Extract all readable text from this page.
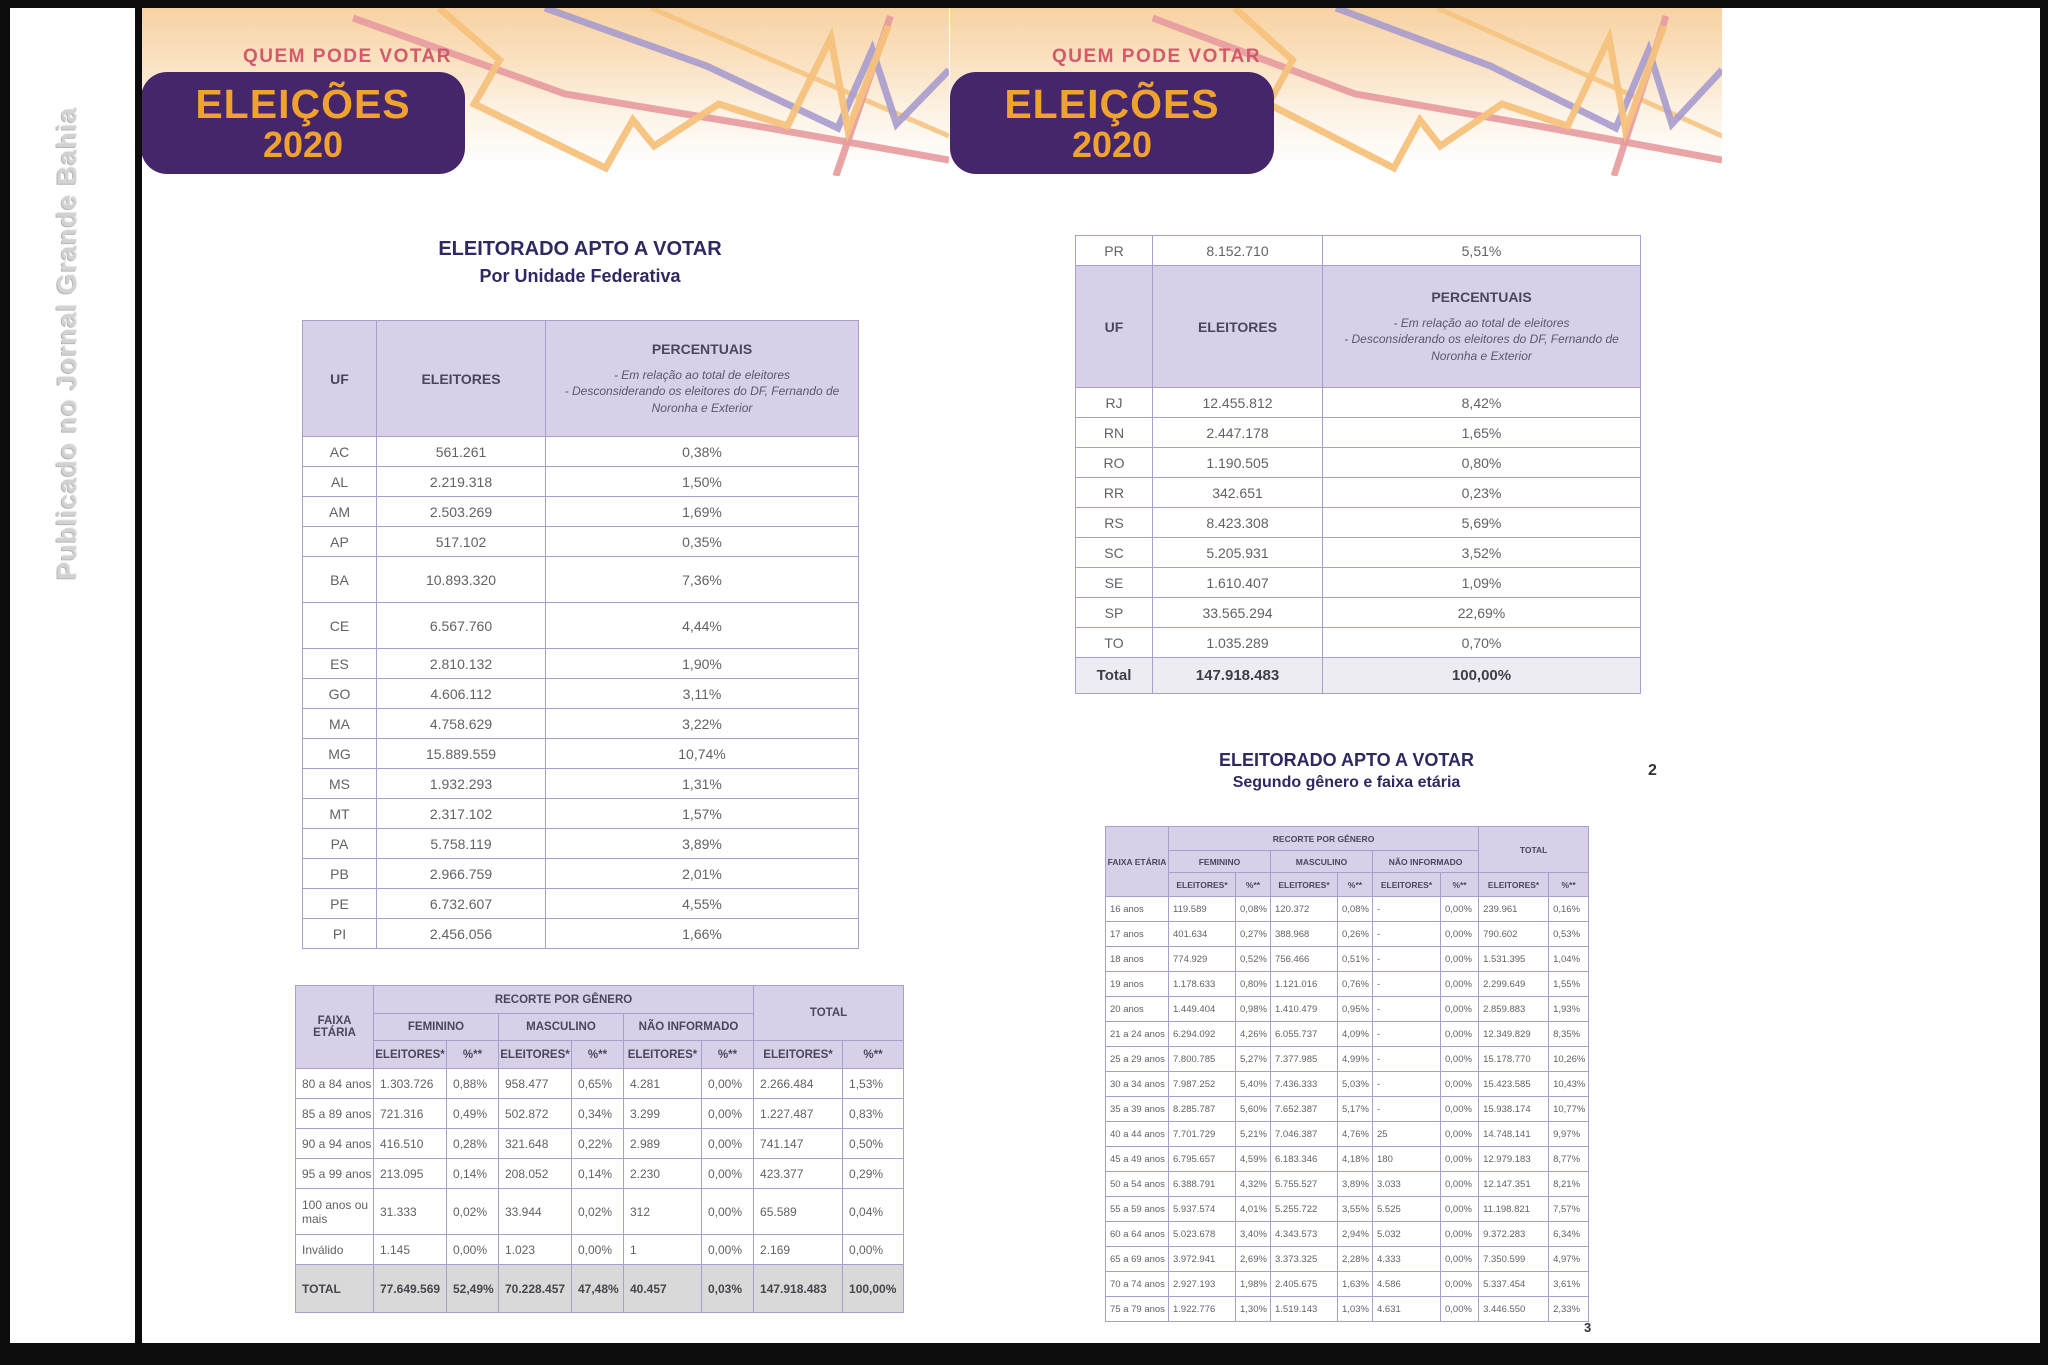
Publicado no Jornal Grande Bahia
QUEM PODE VOTAR
ELEIÇÕES
2020
QUEM PODE VOTAR
ELEIÇÕES
2020
ELEITORADO APTO A VOTAR
Por Unidade Federativa
UF	ELEITORES	PERCENTUAIS
- Em relação ao total de eleitores
- Desconsiderando os eleitores do DF, Fernando de Noronha e Exterior

AC	561.261	0,38%
AL	2.219.318	1,50%
AM	2.503.269	1,69%
AP	517.102	0,35%
BA	10.893.320	7,36%
CE	6.567.760	4,44%
ES	2.810.132	1,90%
GO	4.606.112	3,11%
MA	4.758.629	3,22%
MG	15.889.559	10,74%
MS	1.932.293	1,31%
MT	2.317.102	1,57%
PA	5.758.119	3,89%
PB	2.966.759	2,01%
PE	6.732.607	4,55%
PI	2.456.056	1,66%
FAIXA ETÁRIA	RECORTE POR GÊNERO						TOTAL	
	FEMININO		MASCULINO		NÃO INFORMADO			
	ELEITORES*	%**	ELEITORES*	%**	ELEITORES*	%**	ELEITORES*	%**
80 a 84 anos	1.303.726	0,88%	958.477	0,65%	4.281	0,00%	2.266.484	1,53%
85 a 89 anos	721.316	0,49%	502.872	0,34%	3.299	0,00%	1.227.487	0,83%
90 a 94 anos	416.510	0,28%	321.648	0,22%	2.989	0,00%	741.147	0,50%
95 a 99 anos	213.095	0,14%	208.052	0,14%	2.230	0,00%	423.377	0,29%
100 anos ou mais	31.333	0,02%	33.944	0,02%	312	0,00%	65.589	0,04%
Inválido	1.145	0,00%	1.023	0,00%	1	0,00%	2.169	0,00%
TOTAL	77.649.569	52,49%	70.228.457	47,48%	40.457	0,03%	147.918.483	100,00%
PR	8.152.710	5,51%
UF	ELEITORES	PERCENTUAIS
- Em relação ao total de eleitores
- Desconsiderando os eleitores do DF, Fernando de Noronha e Exterior

RJ	12.455.812	8,42%
RN	2.447.178	1,65%
RO	1.190.505	0,80%
RR	342.651	0,23%
RS	8.423.308	5,69%
SC	5.205.931	3,52%
SE	1.610.407	1,09%
SP	33.565.294	22,69%
TO	1.035.289	0,70%
Total	147.918.483	100,00%
ELEITORADO APTO A VOTAR
Segundo gênero e faixa etária
FAIXA ETÁRIA	RECORTE POR GÊNERO						TOTAL	
	FEMININO		MASCULINO		NÃO INFORMADO			
	ELEITORES*	%**	ELEITORES*	%**	ELEITORES*	%**	ELEITORES*	%**
16 anos	119.589	0,08%	120.372	0,08%	-	0,00%	239.961	0,16%
17 anos	401.634	0,27%	388.968	0,26%	-	0,00%	790.602	0,53%
18 anos	774.929	0,52%	756.466	0,51%	-	0,00%	1.531.395	1,04%
19 anos	1.178.633	0,80%	1.121.016	0,76%	-	0,00%	2.299.649	1,55%
20 anos	1.449.404	0,98%	1.410.479	0,95%	-	0,00%	2.859.883	1,93%
21 a 24 anos	6.294.092	4,26%	6.055.737	4,09%	-	0,00%	12.349.829	8,35%
25 a 29 anos	7.800.785	5,27%	7.377.985	4,99%	-	0,00%	15.178.770	10,26%
30 a 34 anos	7.987.252	5,40%	7.436.333	5,03%	-	0,00%	15.423.585	10,43%
35 a 39 anos	8.285.787	5,60%	7.652.387	5,17%	-	0,00%	15.938.174	10,77%
40 a 44 anos	7.701.729	5,21%	7.046.387	4,76%	25	0,00%	14.748.141	9,97%
45 a 49 anos	6.795.657	4,59%	6.183.346	4,18%	180	0,00%	12.979.183	8,77%
50 a 54 anos	6.388.791	4,32%	5.755.527	3,89%	3.033	0,00%	12.147.351	8,21%
55 a 59 anos	5.937.574	4,01%	5.255.722	3,55%	5.525	0,00%	11.198.821	7,57%
60 a 64 anos	5.023.678	3,40%	4.343.573	2,94%	5.032	0,00%	9.372.283	6,34%
65 a 69 anos	3.972.941	2,69%	3.373.325	2,28%	4.333	0,00%	7.350.599	4,97%
70 a 74 anos	2.927.193	1,98%	2.405.675	1,63%	4.586	0,00%	5.337.454	3,61%
75 a 79 anos	1.922.776	1,30%	1.519.143	1,03%	4.631	0,00%	3.446.550	2,33%
2
3
